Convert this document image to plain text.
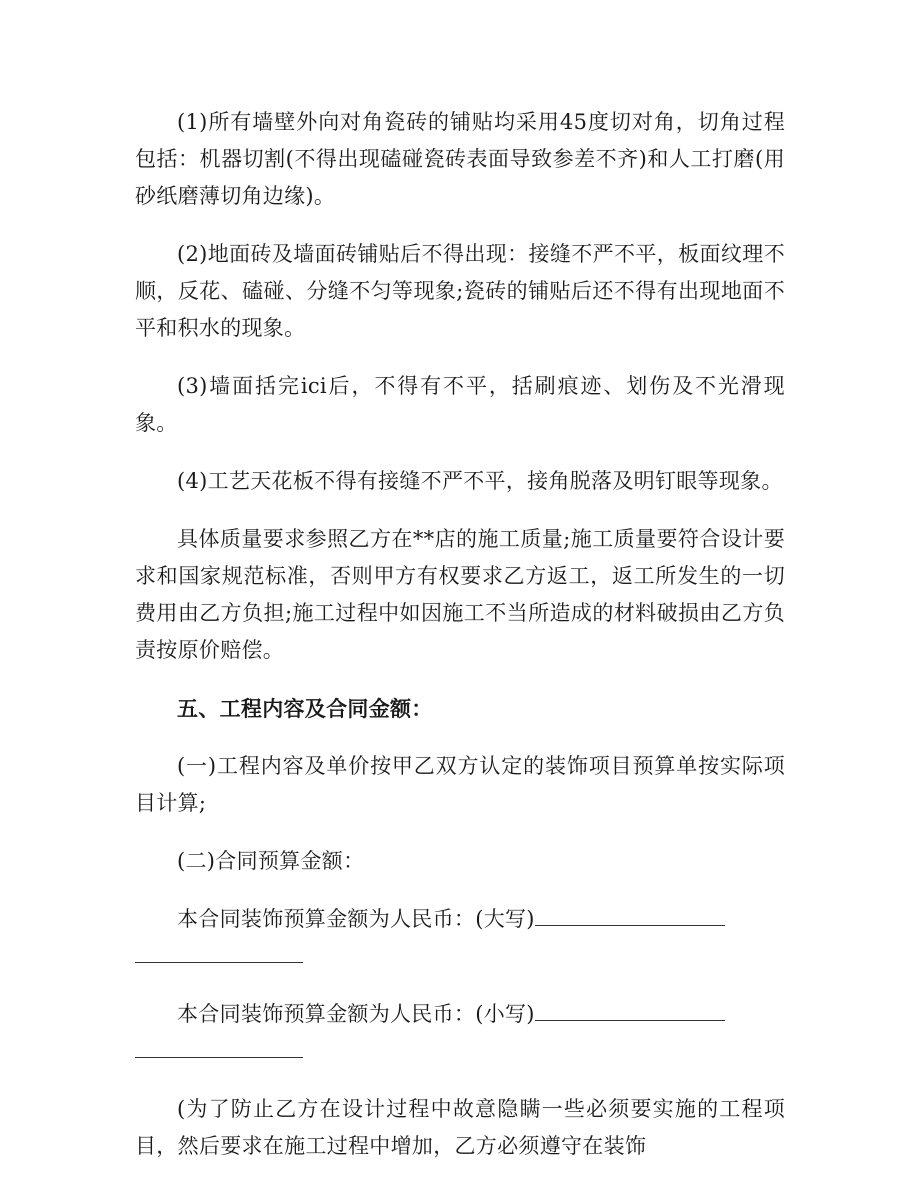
(1)所有墙壁外向对角瓷砖的铺贴均采用45度切对角，切角过程包括：机器切割(不得出现磕碰瓷砖表面导致参差不齐)和人工打磨(用砂纸磨薄切角边缘)。

(2)地面砖及墙面砖铺贴后不得出现：接缝不严不平，板面纹理不顺，反花、磕碰、分缝不匀等现象;瓷砖的铺贴后还不得有出现地面不平和积水的现象。

(3)墙面括完ici后，不得有不平，括刷痕迹、划伤及不光滑现象。

(4)工艺天花板不得有接缝不严不平，接角脱落及明钉眼等现象。

具体质量要求参照乙方在**店的施工质量;施工质量要符合设计要求和国家规范标准，否则甲方有权要求乙方返工，返工所发生的一切费用由乙方负担;施工过程中如因施工不当所造成的材料破损由乙方负责按原价赔偿。

五、工程内容及合同金额：

(一)工程内容及单价按甲乙双方认定的装饰项目预算单按实际项目计算;

(二)合同预算金额：

本合同装饰预算金额为人民币：(大写)

本合同装饰预算金额为人民币：(小写)

(为了防止乙方在设计过程中故意隐瞒一些必须要实施的工程项目，然后要求在施工过程中增加，乙方必须遵守在装饰
